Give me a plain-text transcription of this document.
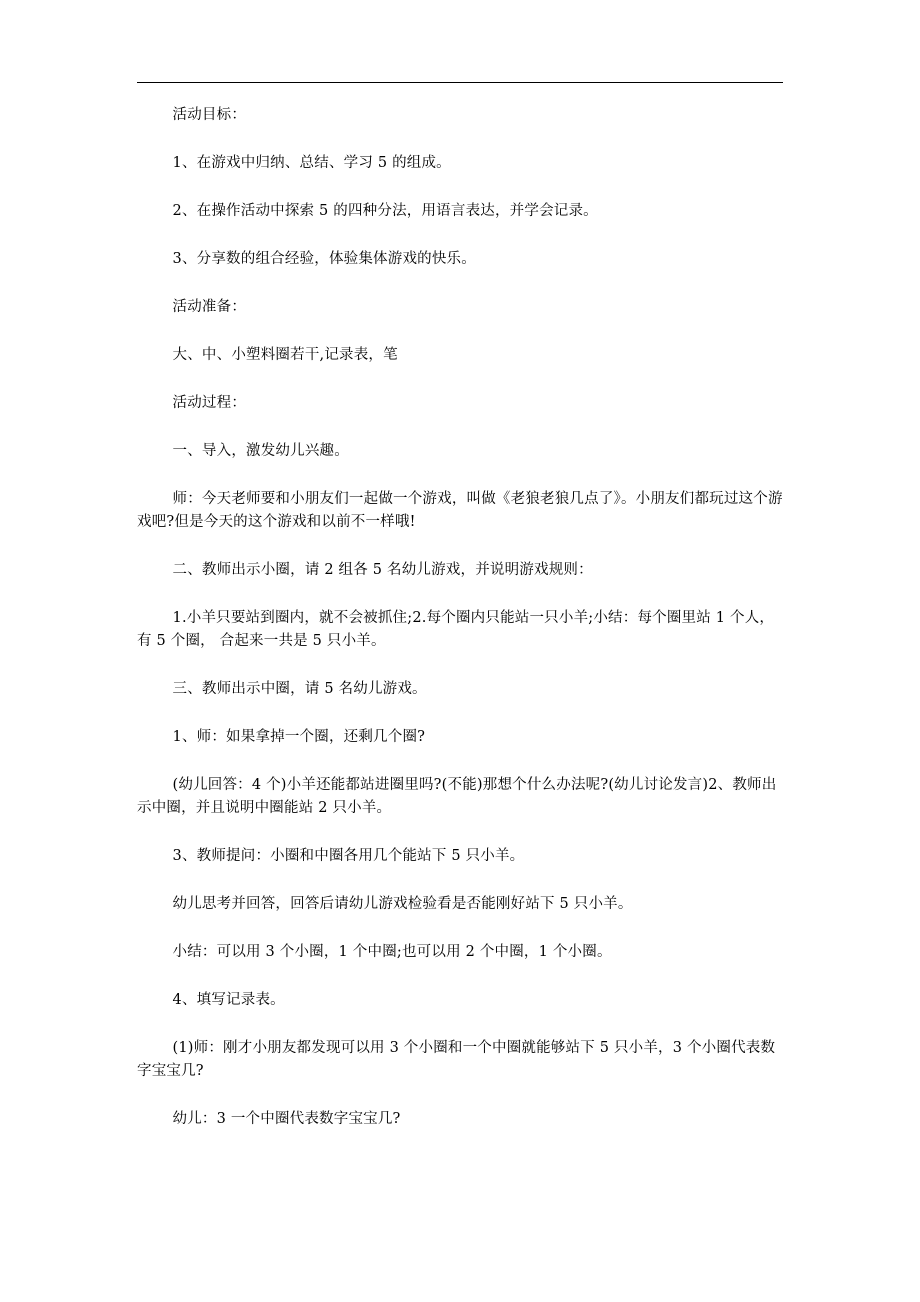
活动目标：

1、在游戏中归纳、总结、学习 5 的组成。

2、在操作活动中探索 5 的四种分法，用语言表达，并学会记录。

3、分享数的组合经验，体验集体游戏的快乐。

活动准备：

大、中、小塑料圈若干,记录表，笔

活动过程：

一、导入，激发幼儿兴趣。

师：今天老师要和小朋友们一起做一个游戏，叫做《老狼老狼几点了》。小朋友们都玩过这个游戏吧?但是今天的这个游戏和以前不一样哦!

二、教师出示小圈，请 2 组各 5 名幼儿游戏，并说明游戏规则：

1.小羊只要站到圈内，就不会被抓住;2.每个圈内只能站一只小羊;小结：每个圈里站 1 个人，有 5 个圈， 合起来一共是 5 只小羊。

三、教师出示中圈，请 5 名幼儿游戏。

1、师：如果拿掉一个圈，还剩几个圈?

(幼儿回答：4 个)小羊还能都站进圈里吗?(不能)那想个什么办法呢?(幼儿讨论发言)2、教师出示中圈，并且说明中圈能站 2 只小羊。

3、教师提问：小圈和中圈各用几个能站下 5 只小羊。

幼儿思考并回答，回答后请幼儿游戏检验看是否能刚好站下 5 只小羊。

小结：可以用 3 个小圈，1 个中圈;也可以用 2 个中圈，1 个小圈。

4、填写记录表。

(1)师：刚才小朋友都发现可以用 3 个小圈和一个中圈就能够站下 5 只小羊，3 个小圈代表数字宝宝几?

幼儿：3 一个中圈代表数字宝宝几?
